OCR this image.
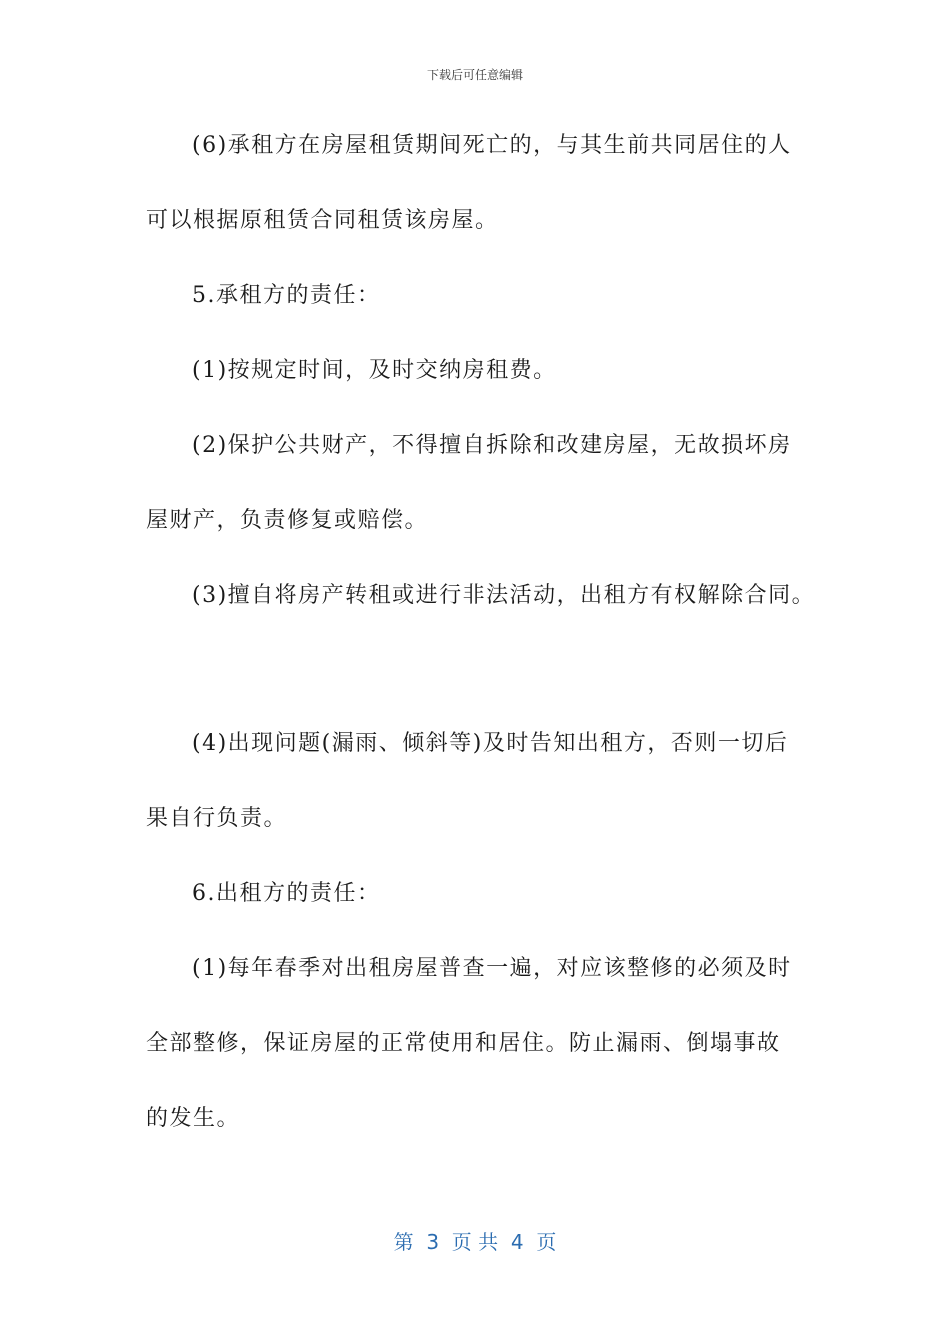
下载后可任意编辑
(6)承租方在房屋租赁期间死亡的，与其生前共同居住的人
可以根据原租赁合同租赁该房屋。
5.承租方的责任：
(1)按规定时间，及时交纳房租费。
(2)保护公共财产，不得擅自拆除和改建房屋，无故损坏房
屋财产，负责修复或赔偿。
(3)擅自将房产转租或进行非法活动，出租方有权解除合同。
(4)出现问题(漏雨、倾斜等)及时告知出租方，否则一切后
果自行负责。
6.出租方的责任：
(1)每年春季对出租房屋普查一遍，对应该整修的必须及时
全部整修，保证房屋的正常使用和居住。防止漏雨、倒塌事故
的发生。
第  3  页 共  4  页
